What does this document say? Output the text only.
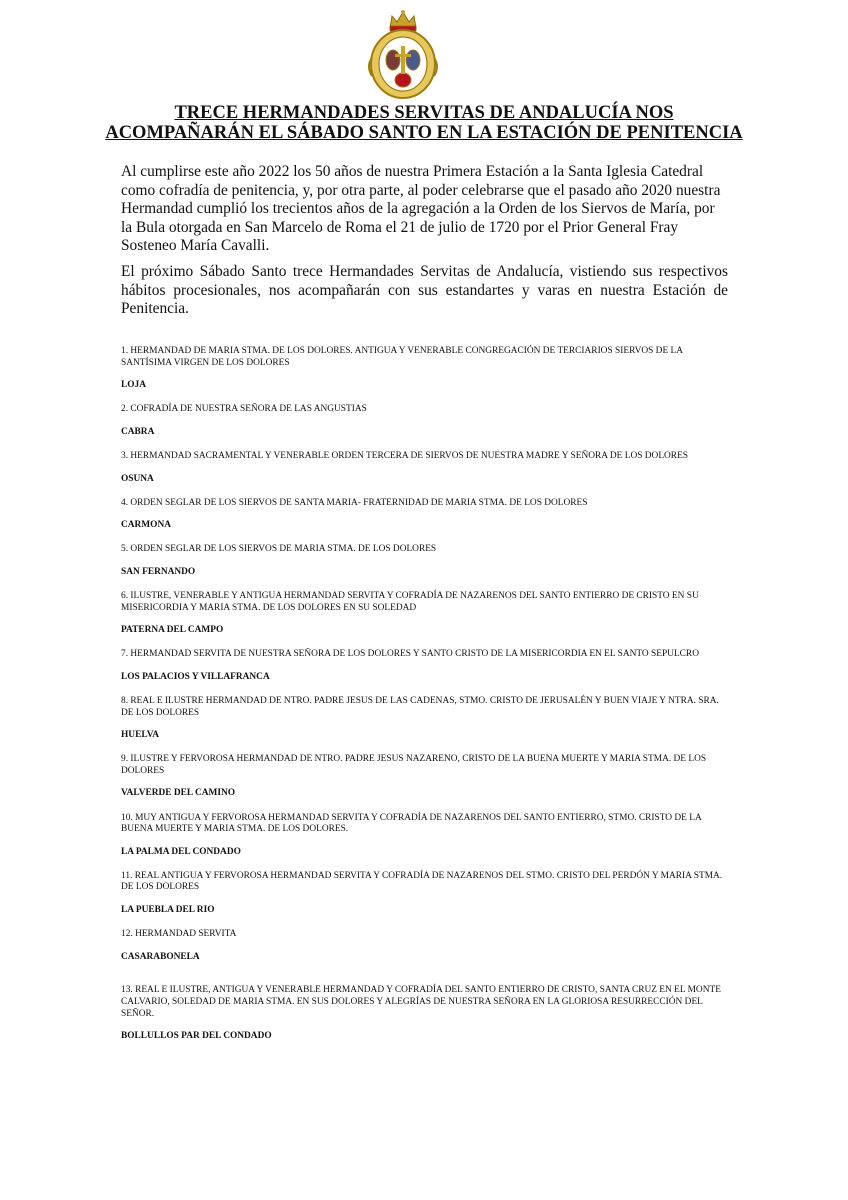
TRECE HERMANDADES SERVITAS DE ANDALUCÍA NOS ACOMPAÑARÁN EL SÁBADO SANTO EN LA ESTACIÓN DE PENITENCIA

Al cumplirse este año 2022 los 50 años de nuestra Primera Estación a la Santa Iglesia Catedral como cofradía de penitencia, y, por otra parte, al poder celebrarse que el pasado año 2020 nuestra Hermandad cumplió los trecientos años de la agregación a la Orden de los Siervos de María, por la Bula otorgada en San Marcelo de Roma el 21 de julio de 1720 por el Prior General Fray Sosteneo María Cavalli.

El próximo Sábado Santo trece Hermandades Servitas de Andalucía, vistiendo sus respectivos hábitos procesionales, nos acompañarán con sus estandartes y varas en nuestra Estación de Penitencia.

1. HERMANDAD DE MARIA STMA. DE LOS DOLORES. ANTIGUA Y VENERABLE CONGREGACIÓN DE TERCIARIOS SIERVOS DE LA SANTÍSIMA VIRGEN DE LOS DOLORES

LOJA

2. COFRADÍA DE NUESTRA SEÑORA DE LAS ANGUSTIAS

CABRA

3. HERMANDAD SACRAMENTAL Y VENERABLE ORDEN TERCERA DE SIERVOS DE NUESTRA MADRE Y SEÑORA DE LOS DOLORES

OSUNA

4. ORDEN SEGLAR DE LOS SIERVOS DE SANTA MARIA- FRATERNIDAD DE MARIA STMA. DE LOS DOLORES

CARMONA

5. ORDEN SEGLAR DE LOS SIERVOS DE MARIA STMA. DE LOS DOLORES

SAN FERNANDO

6. ILUSTRE, VENERABLE Y ANTIGUA HERMANDAD SERVITA Y COFRADÍA DE NAZARENOS DEL SANTO ENTIERRO DE CRISTO EN SU MISERICORDIA Y MARIA STMA. DE LOS DOLORES EN SU SOLEDAD

PATERNA DEL CAMPO

7. HERMANDAD SERVITA DE NUESTRA SEÑORA DE LOS DOLORES Y SANTO CRISTO DE LA MISERICORDIA EN EL SANTO SEPULCRO

LOS PALACIOS Y VILLAFRANCA

8. REAL E ILUSTRE HERMANDAD DE NTRO. PADRE JESUS DE LAS CADENAS, STMO. CRISTO DE JERUSALÉN Y BUEN VIAJE Y NTRA. SRA. DE LOS DOLORES

HUELVA

9. ILUSTRE Y FERVOROSA HERMANDAD DE NTRO. PADRE JESUS NAZARENO, CRISTO DE LA BUENA MUERTE Y MARIA STMA. DE LOS DOLORES

VALVERDE DEL CAMINO

10. MUY ANTIGUA Y FERVOROSA HERMANDAD SERVITA Y COFRADÍA DE NAZARENOS DEL SANTO ENTIERRO, STMO. CRISTO DE LA BUENA MUERTE Y MARIA STMA. DE LOS DOLORES.

LA PALMA DEL CONDADO

11. REAL ANTIGUA Y FERVOROSA HERMANDAD SERVITA Y COFRADÍA DE NAZARENOS DEL STMO. CRISTO DEL PERDÓN Y MARIA STMA. DE LOS DOLORES

LA PUEBLA DEL RIO

12. HERMANDAD SERVITA

CASARABONELA

13. REAL E ILUSTRE, ANTIGUA Y VENERABLE HERMANDAD Y COFRADÍA DEL SANTO ENTIERRO DE CRISTO, SANTA CRUZ EN EL MONTE CALVARIO, SOLEDAD DE MARIA STMA. EN SUS DOLORES Y ALEGRÍAS DE NUESTRA SEÑORA EN LA GLORIOSA RESURRECCIÓN DEL SEÑOR.

BOLLULLOS PAR DEL CONDADO
